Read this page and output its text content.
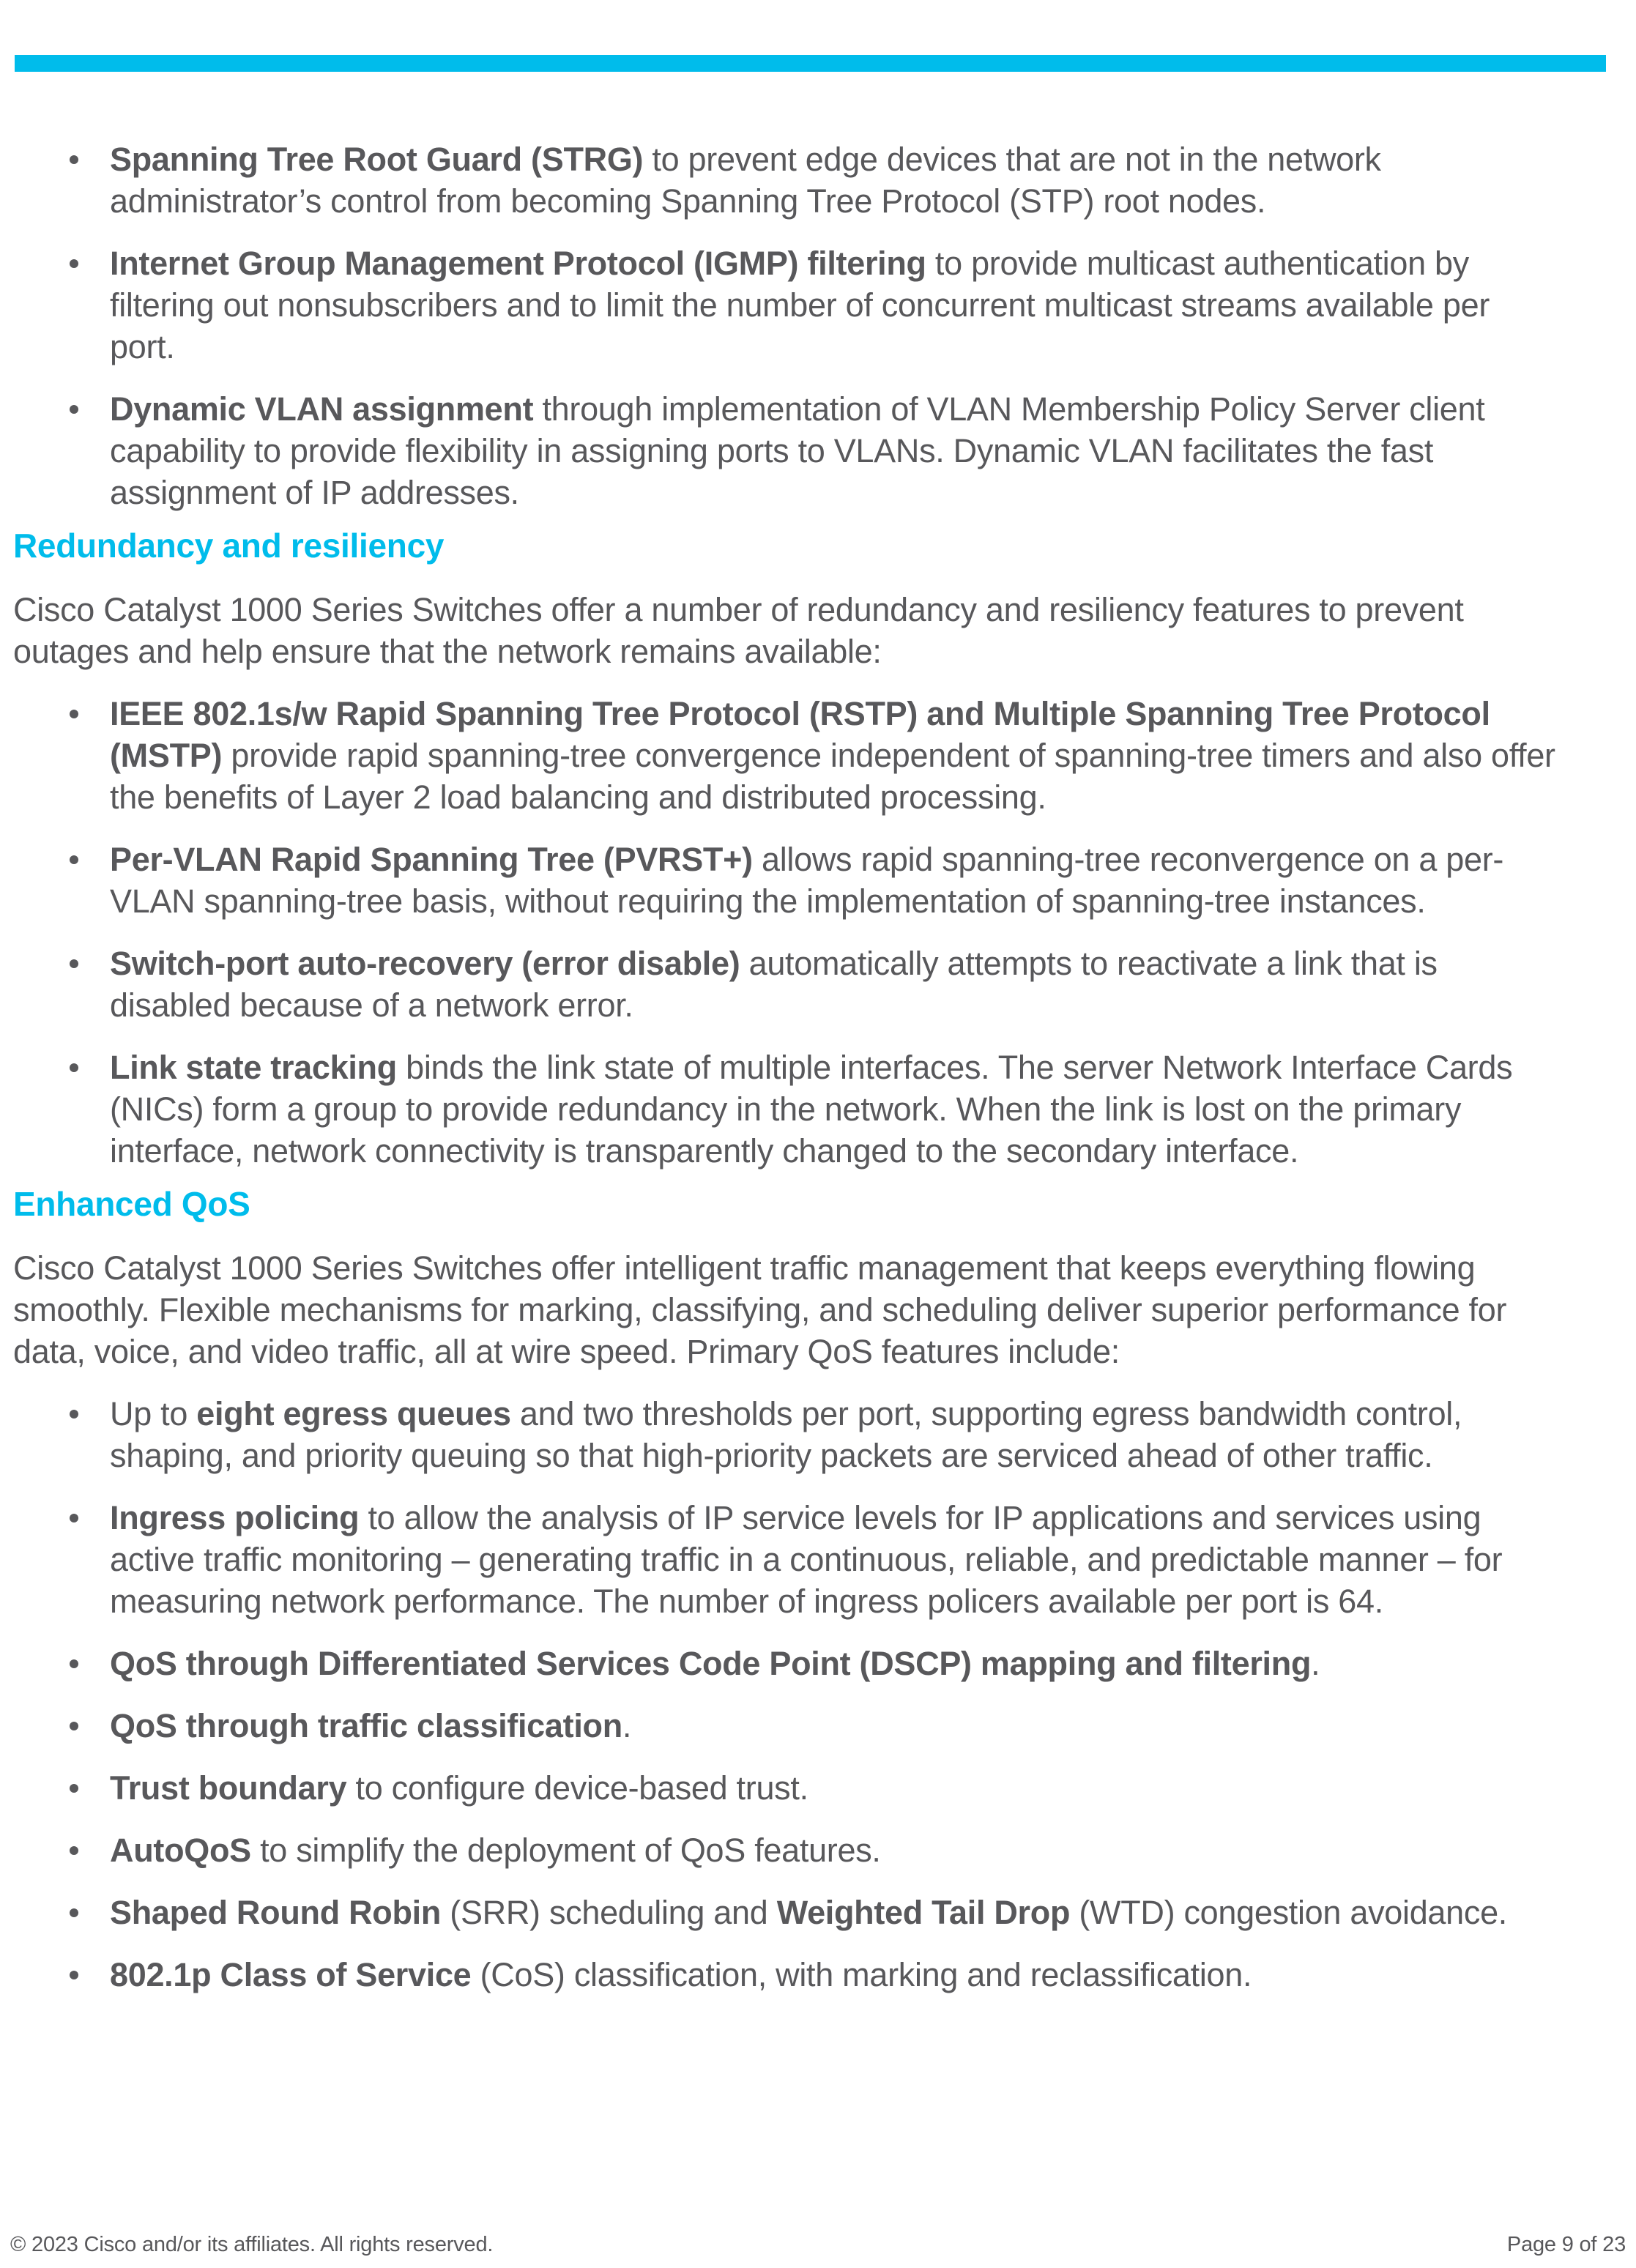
Spanning Tree Root Guard (STRG) to prevent edge devices that are not in the network administrator’s control from becoming Spanning Tree Protocol (STP) root nodes.
Internet Group Management Protocol (IGMP) filtering to provide multicast authentication by filtering out nonsubscribers and to limit the number of concurrent multicast streams available per port.
Dynamic VLAN assignment through implementation of VLAN Membership Policy Server client capability to provide flexibility in assigning ports to VLANs. Dynamic VLAN facilitates the fast assignment of IP addresses.
Redundancy and resiliency

Cisco Catalyst 1000 Series Switches offer a number of redundancy and resiliency features to prevent outages and help ensure that the network remains available:

IEEE 802.1s/w Rapid Spanning Tree Protocol (RSTP) and Multiple Spanning Tree Protocol (MSTP) provide rapid spanning-tree convergence independent of spanning-tree timers and also offer the benefits of Layer 2 load balancing and distributed processing.
Per-VLAN Rapid Spanning Tree (PVRST+) allows rapid spanning-tree reconvergence on a per-VLAN spanning-tree basis, without requiring the implementation of spanning-tree instances.
Switch-port auto-recovery (error disable) automatically attempts to reactivate a link that is disabled because of a network error.
Link state tracking binds the link state of multiple interfaces. The server Network Interface Cards (NICs) form a group to provide redundancy in the network. When the link is lost on the primary interface, network connectivity is transparently changed to the secondary interface.
Enhanced QoS

Cisco Catalyst 1000 Series Switches offer intelligent traffic management that keeps everything flowing smoothly. Flexible mechanisms for marking, classifying, and scheduling deliver superior performance for data, voice, and video traffic, all at wire speed. Primary QoS features include:

Up to eight egress queues and two thresholds per port, supporting egress bandwidth control, shaping, and priority queuing so that high-priority packets are serviced ahead of other traffic.
Ingress policing to allow the analysis of IP service levels for IP applications and services using active traffic monitoring – generating traffic in a continuous, reliable, and predictable manner – for measuring network performance. The number of ingress policers available per port is 64.
QoS through Differentiated Services Code Point (DSCP) mapping and filtering.
QoS through traffic classification.
Trust boundary to configure device-based trust.
AutoQoS to simplify the deployment of QoS features.
Shaped Round Robin (SRR) scheduling and Weighted Tail Drop (WTD) congestion avoidance.
802.1p Class of Service (CoS) classification, with marking and reclassification.
© 2023 Cisco and/or its affiliates. All rights reserved.	Page 9 of 23
